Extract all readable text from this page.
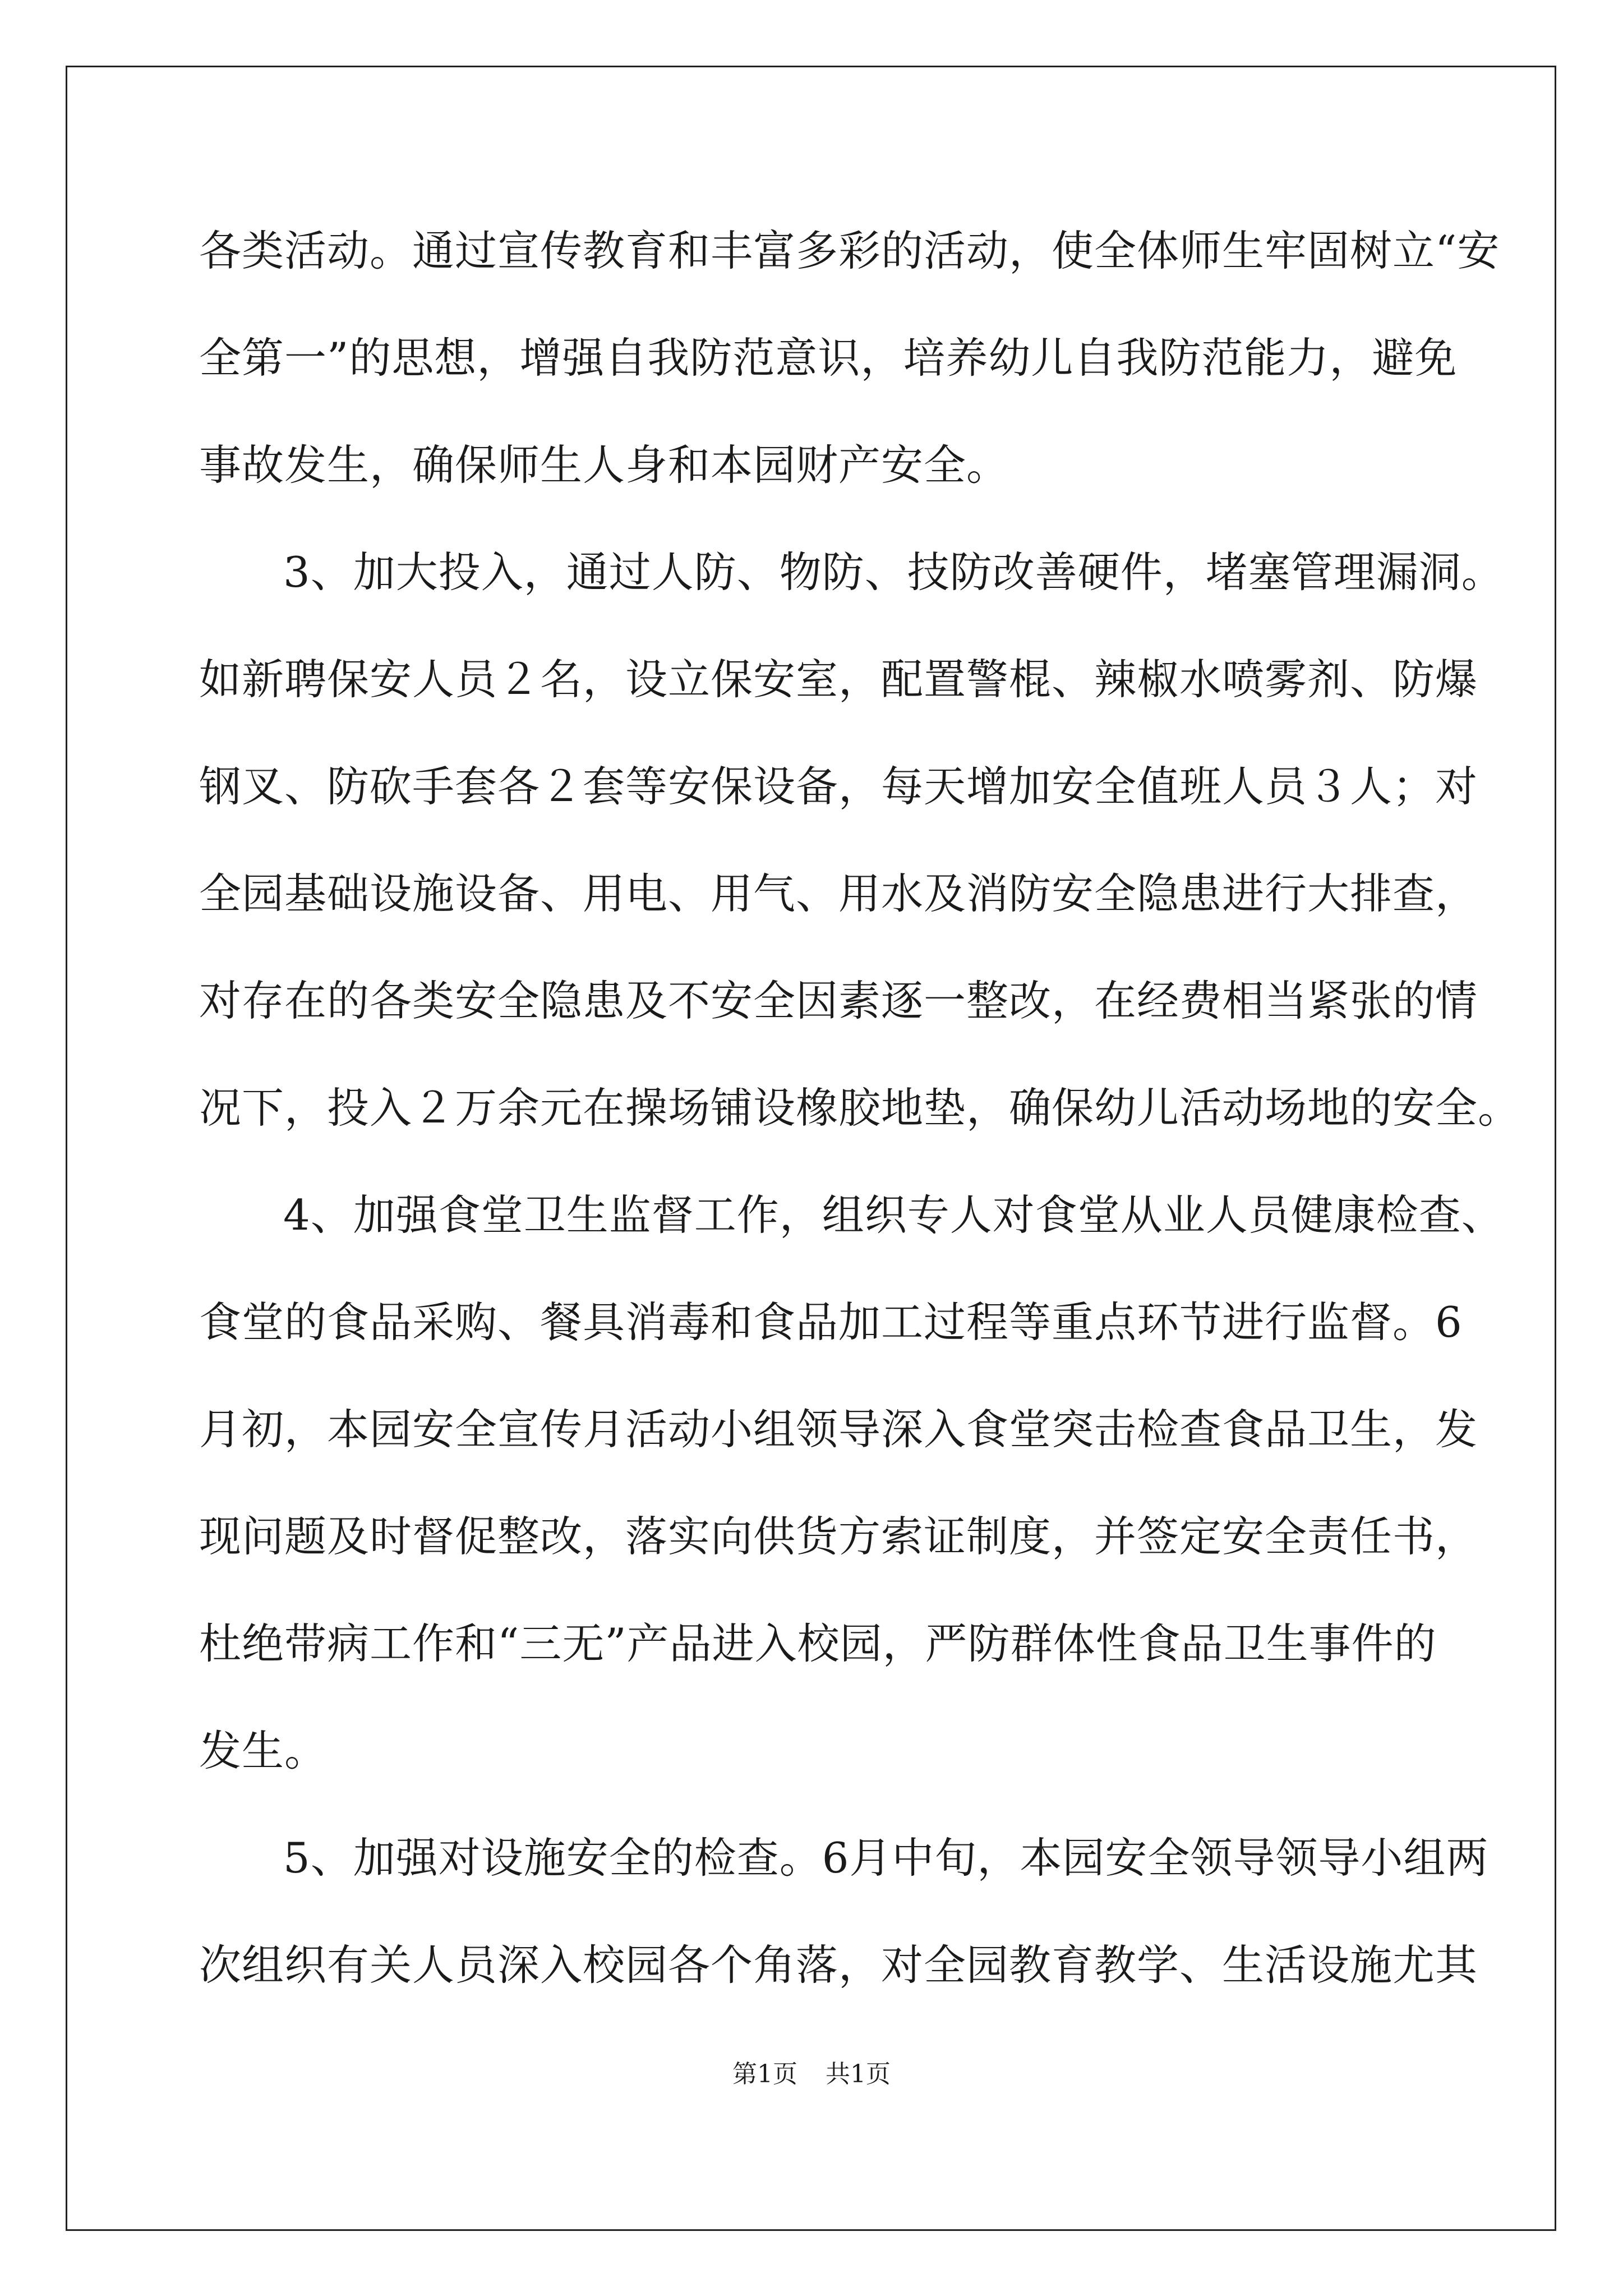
各类活动。通过宣传教育和丰富多彩的活动，使全体师生牢固树立“安
全第一”的思想，增强自我防范意识，培养幼儿自我防范能力，避免
事故发生，确保师生人身和本园财产安全。
3、加大投入，通过人防、物防、技防改善硬件，堵塞管理漏洞。
如新聘保安人员２名，设立保安室，配置警棍、辣椒水喷雾剂、防爆
钢叉、防砍手套各２套等安保设备，每天增加安全值班人员３人；对
全园基础设施设备、用电、用气、用水及消防安全隐患进行大排查，
对存在的各类安全隐患及不安全因素逐一整改，在经费相当紧张的情
况下，投入２万余元在操场铺设橡胶地垫，确保幼儿活动场地的安全。
4、加强食堂卫生监督工作，组织专人对食堂从业人员健康检查、
食堂的食品采购、餐具消毒和食品加工过程等重点环节进行监督。6
月初，本园安全宣传月活动小组领导深入食堂突击检查食品卫生，发
现问题及时督促整改，落实向供货方索证制度，并签定安全责任书，
杜绝带病工作和“三无”产品进入校园，严防群体性食品卫生事件的
发生。
5、加强对设施安全的检查。6月中旬，本园安全领导领导小组两
次组织有关人员深入校园各个角落，对全园教育教学、生活设施尤其
第1页 共1页
